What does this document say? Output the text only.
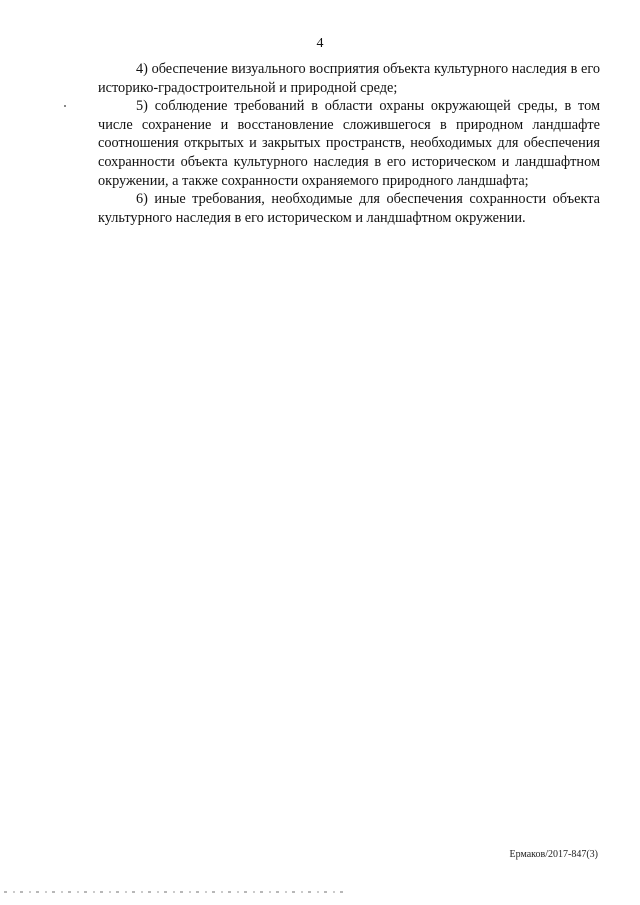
4

4) обеспечение визуального восприятия объекта культурного наследия в его историко-градостроительной и природной среде;

5) соблюдение требований в области охраны окружающей среды, в том числе сохранение и восстановление сложившегося в природном ландшафте соотношения открытых и закрытых пространств, необходимых для обеспечения сохранности объекта культурного наследия в его историческом и ландшафтном окружении, а также сохранности охраняемого природного ландшафта;

6) иные требования, необходимые для обеспечения сохранности объекта культурного наследия в его историческом и ландшафтном окружении.

Ермаков/2017-847(3)
